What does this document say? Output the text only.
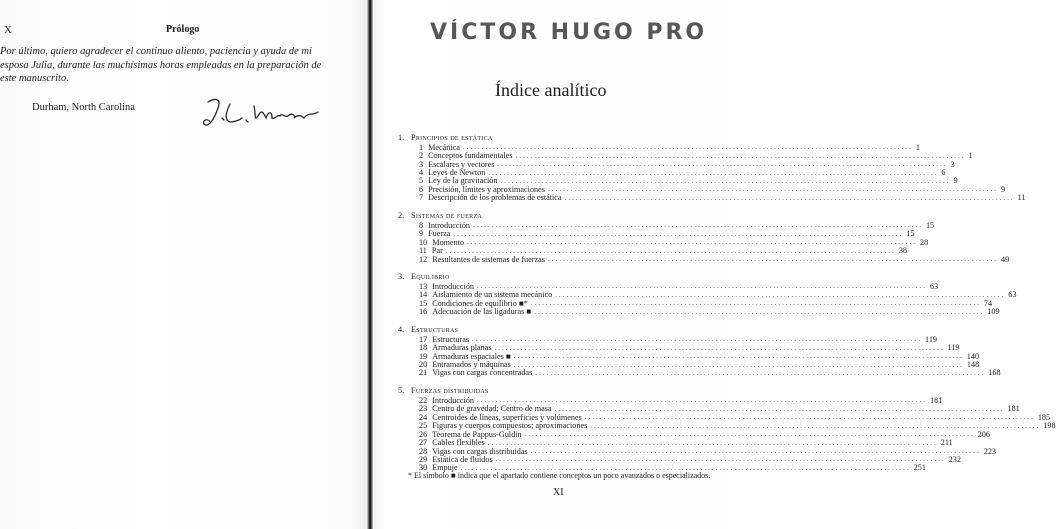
X	Prólogo
Por último, quiero agradecer el continuo aliento, paciencia y ayuda de mi
esposa Julia, durante las muchísimas horas empleadas en la preparación de
este manuscrito.
Durham, North Carolina
VÍCTOR HUGO PRO
Índice analítico
1. Principios de estática
1 Mecánica ........................................................................................................................ 1
2 Conceptos fundamentales ........................................................................................................................ 1
3 Escalares y vectores ........................................................................................................................ 3
4 Leyes de Newton ........................................................................................................................ 6
5 Ley de la gravitación ........................................................................................................................ 9
6 Precisión, límites y aproximaciones ........................................................................................................................ 9
7 Descripción de los problemas de estática ........................................................................................................................ 11
2. Sistemas de fuerza
8 Introducción ........................................................................................................................ 15
9 Fuerza ........................................................................................................................ 15
10 Momento ........................................................................................................................ 28
11 Par ........................................................................................................................ 38
12 Resultantes de sistemas de fuerzas ........................................................................................................................ 49
3. Equilibrio
13 Introducción ........................................................................................................................ 63
14 Aislamiento de un sistema mecánico ........................................................................................................................ 63
15 Condiciones de equilibrio ■* ........................................................................................................................ 74
16 Adecuación de las ligaduras ■ ........................................................................................................................ 109
4. Estructuras
17 Estructuras ........................................................................................................................ 119
18 Armaduras planas ........................................................................................................................ 119
19 Armaduras espaciales ■ ........................................................................................................................ 140
20 Entramados y máquinas ........................................................................................................................ 148
21 Vigas con cargas concentradas ........................................................................................................................ 168
5. Fuerzas distribuidas
22 Introducción ........................................................................................................................ 181
23 Centro de gravedad; Centro de masa ........................................................................................................................ 181
24 Centroides de líneas, superficies y volúmenes ........................................................................................................................ 185
25 Figuras y cuerpos compuestos; aproximaciones ........................................................................................................................ 198
26 Teorema de Pappus-Guldin ........................................................................................................................ 206
27 Cables flexibles ........................................................................................................................ 211
28 Vigas con cargas distribuidas ........................................................................................................................ 223
29 Estática de fluidos ........................................................................................................................ 232
30 Empuje ........................................................................................................................ 251
* El símbolo ■ indica que el apartado contiene conceptos un poco avanzados o especializados.
XI
